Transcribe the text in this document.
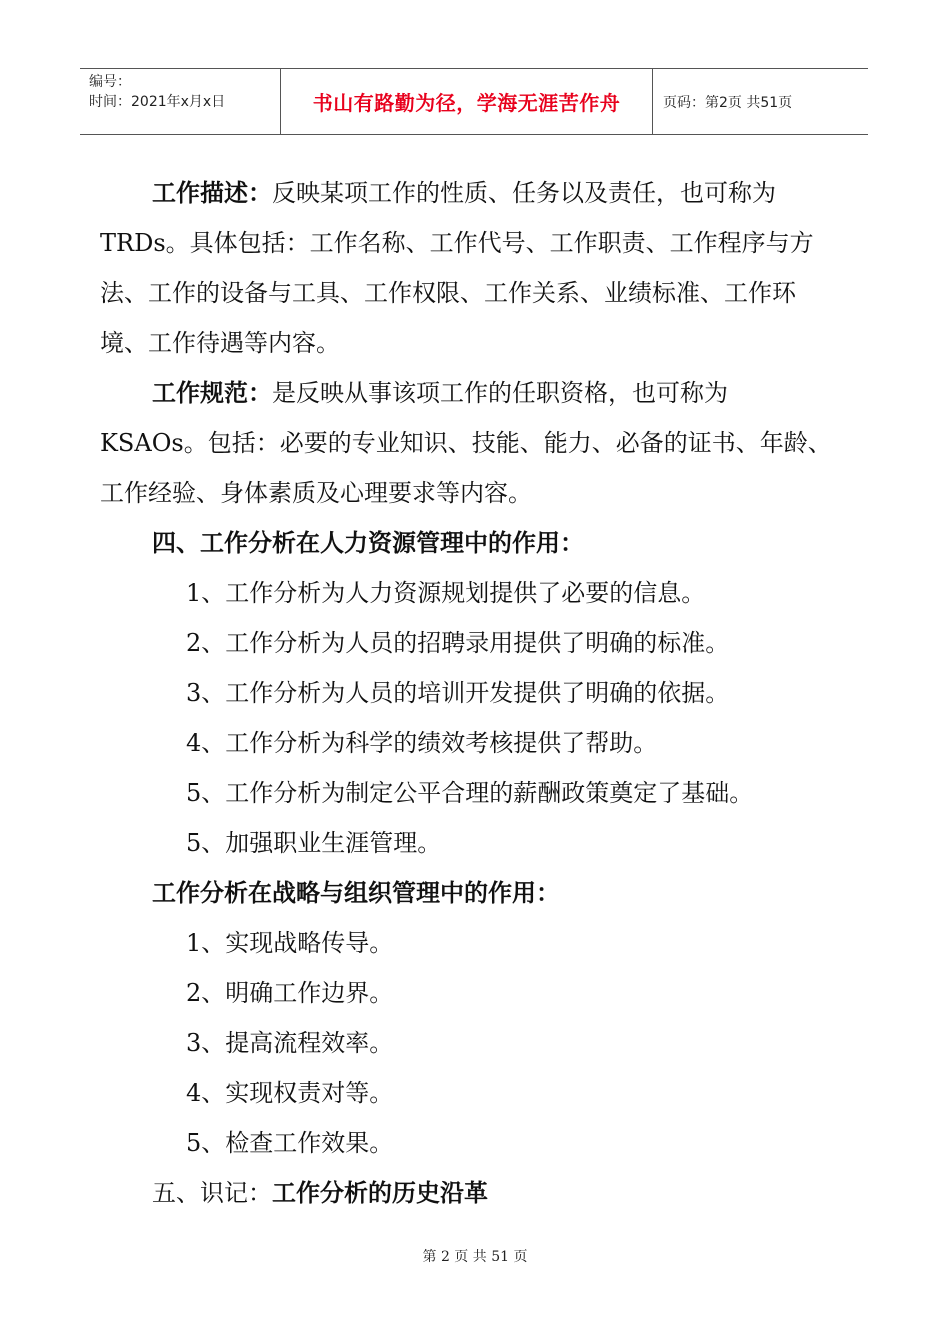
编号：
时间：2021年x月x日	书山有路勤为径，学海无涯苦作舟	页码：第2页 共51页
工作描述：反映某项工作的性质、任务以及责任，也可称为
TRDs。具体包括：工作名称、工作代号、工作职责、工作程序与方
法、工作的设备与工具、工作权限、工作关系、业绩标准、工作环
境、工作待遇等内容。
工作规范：是反映从事该项工作的任职资格，也可称为
KSAOs。包括：必要的专业知识、技能、能力、必备的证书、年龄、
工作经验、身体素质及心理要求等内容。
四、工作分析在人力资源管理中的作用：
1、工作分析为人力资源规划提供了必要的信息。
2、工作分析为人员的招聘录用提供了明确的标准。
3、工作分析为人员的培训开发提供了明确的依据。
4、工作分析为科学的绩效考核提供了帮助。
5、工作分析为制定公平合理的薪酬政策奠定了基础。
5、加强职业生涯管理。
工作分析在战略与组织管理中的作用：
1、实现战略传导。
2、明确工作边界。
3、提高流程效率。
4、实现权责对等。
5、检查工作效果。
五、识记：工作分析的历史沿革
第 2 页 共 51 页
